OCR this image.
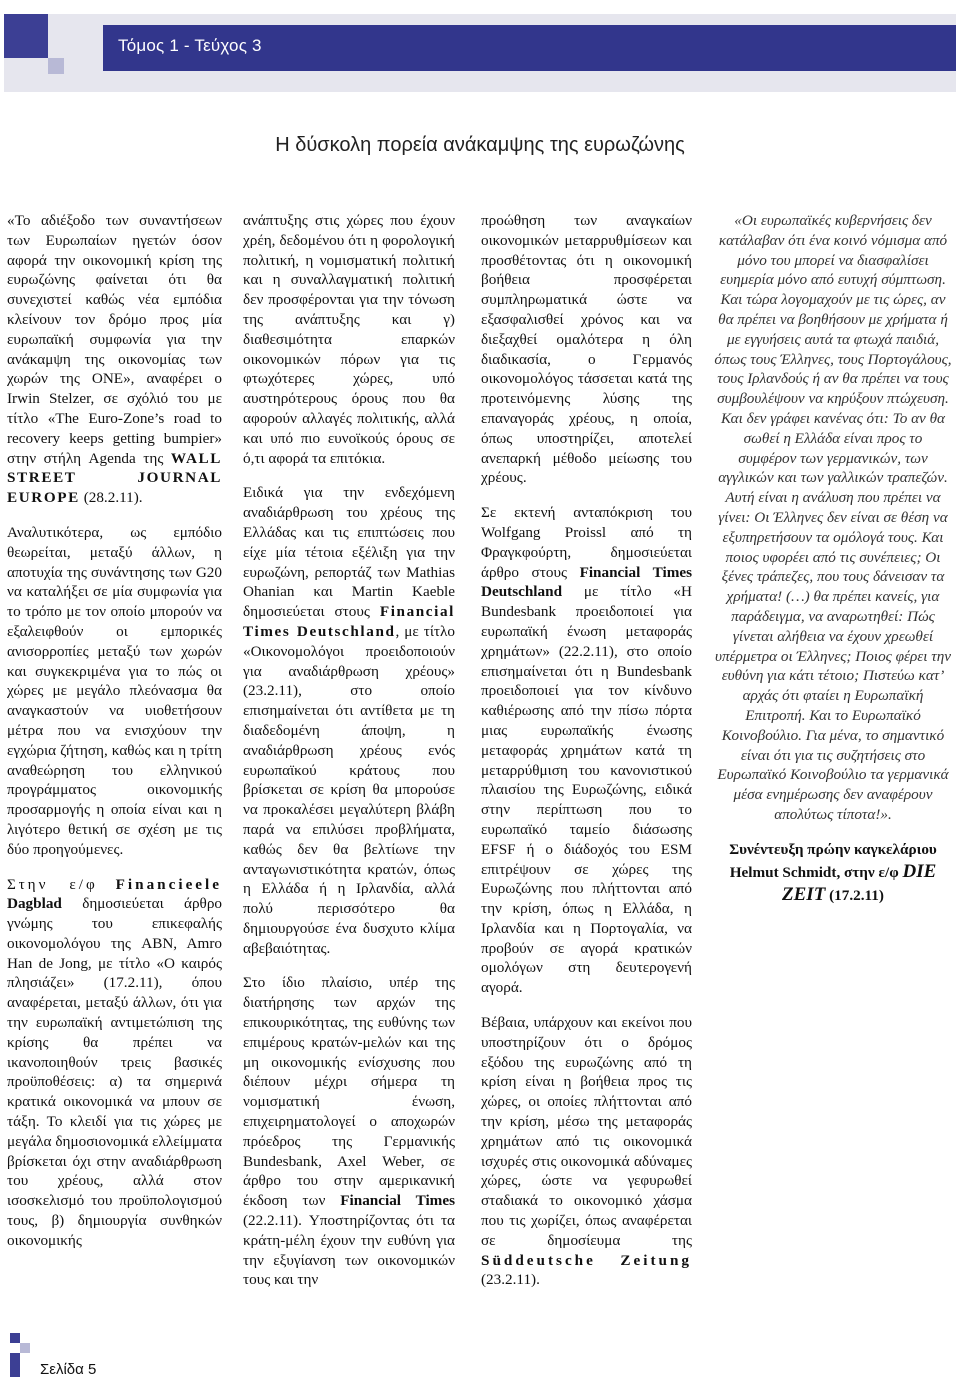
Τόμος 1 - Τεύχος 3
Η δύσκολη πορεία ανάκαμψης της ευρωζώνης

«Το αδιέξοδο των συναντήσεων των Ευρωπαίων ηγετών όσον αφορά την οικονομική κρίση της ευρωζώνης φαίνεται ότι θα συνεχιστεί καθώς νέα εμπόδια κλείνουν τον δρόμο προς μία ευρωπαϊκή συμφωνία για την ανάκαμψη της οικονομίας των χωρών της ΟΝΕ», αναφέρει ο Irwin Stelzer, σε σχόλιό του με τίτλο «The Euro-Zone’s road to recovery keeps getting bumpier» στην στήλη Agenda της WALL STREET JOURNAL EUROPE (28.2.11).

Αναλυτικότερα, ως εμπόδιο θεωρείται, μεταξύ άλλων, η αποτυχία της συνάντησης των G20 να καταλήξει σε μία συμφωνία για το τρόπο με τον οποίο μπορούν να εξαλειφθούν οι εμπορικές ανισορροπίες μεταξύ των χωρών και συγκεκριμένα για το πώς οι χώρες με μεγάλο πλεόνασμα θα αναγκαστούν να υιοθετήσουν μέτρα που να ενισχύουν την εγχώρια ζήτηση, καθώς και η τρίτη αναθεώρηση του ελληνικού προγράμματος οικονομικής προσαρμογής η οποία είναι και η λιγότερο θετική σε σχέση με τις δύο προηγούμενες.

Στην ε/φ Financieele Dagblad δημοσιεύεται άρθρο γνώμης του επικεφαλής οικονομολόγου της ABN, Amro Han de Jong, με τίτλο «Ο καιρός πλησιάζει» (17.2.11), όπου αναφέρεται, μεταξύ άλλων, ότι για την ευρωπαϊκή αντιμετώπιση της κρίσης θα πρέπει να ικανοποιηθούν τρεις βασικές προϋποθέσεις: α) τα σημερινά κρατικά οικονομικά να μπουν σε τάξη. Το κλειδί για τις χώρες με μεγάλα δημοσιονομικά ελλείμματα βρίσκεται όχι στην αναδιάρθρωση του χρέους, αλλά στον ισοσκελισμό του προϋπολογισμού τους, β) δημιουργία συνθηκών οικονομικής

ανάπτυξης στις χώρες που έχουν χρέη, δεδομένου ότι η φορολογική πολιτική, η νομισματική πολιτική και η συναλλαγματική πολιτική δεν προσφέρονται για την τόνωση της ανάπτυξης και γ) διαθεσιμότητα επαρκών οικονομικών πόρων για τις φτωχότερες χώρες, υπό αυστηρότερους όρους που θα αφορούν αλλαγές πολιτικής, αλλά και υπό πιο ευνοϊκούς όρους σε ό,τι αφορά τα επιτόκια.

Ειδικά για την ενδεχόμενη αναδιάρθρωση του χρέους της Ελλάδας και τις επιπτώσεις που είχε μία τέτοια εξέλιξη για την ευρωζώνη, ρεπορτάζ των Mathias Ohanian και Martin Kaeble δημοσιεύεται στους Financial Times Deutschland, με τίτλο «Οικονομολόγοι προειδοποιούν για αναδιάρθρωση χρέους» (23.2.11), στο οποίο επισημαίνεται ότι αντίθετα με τη διαδεδομένη άποψη, η αναδιάρθρωση χρέους ενός ευρωπαϊκού κράτους που βρίσκεται σε κρίση θα μπορούσε να προκαλέσει μεγαλύτερη βλάβη παρά να επιλύσει προβλήματα, καθώς δεν θα βελτίωνε την ανταγωνιστικότητα κρατών, όπως η Ελλάδα ή η Ιρλανδία, αλλά πολύ περισσότερο θα δημιουργούσε ένα δυσχυτο κλίμα αβεβαιότητας.

Στο ίδιο πλαίσιο, υπέρ της διατήρησης των αρχών της επικουρικότητας, της ευθύνης των επιμέρους κρατών-μελών και της μη οικονομικής ενίσχυσης που διέπουν μέχρι σήμερα τη νομισματική ένωση, επιχειρηματολογεί ο αποχωρών πρόεδρος της Γερμανικής Bundesbank, Axel Weber, σε άρθρο του στην αμερικανική έκδοση των Financial Times (22.2.11). Υποστηρίζοντας ότι τα κράτη-μέλη έχουν την ευθύνη για την εξυγίανση των οικονομικών τους και την

προώθηση των αναγκαίων οικονομικών μεταρρυθμίσεων και προσθέτοντας ότι η οικονομική βοήθεια προσφέρεται συμπληρωματικά ώστε να εξασφαλισθεί χρόνος και να διεξαχθεί ομαλότερα η όλη διαδικασία, ο Γερμανός οικονομολόγος τάσσεται κατά της προτεινόμενης λύσης της επαναγοράς χρέους, η οποία, όπως υποστηρίζει, αποτελεί ανεπαρκή μέθοδο μείωσης του χρέους.

Σε εκτενή ανταπόκριση του Wolfgang Proissl από τη Φραγκφούρτη, δημοσιεύεται άρθρο στους Financial Times Deutschland με τίτλο «Η Bundesbank προειδοποιεί για ευρωπαϊκή ένωση μεταφοράς χρημάτων» (22.2.11), στο οποίο επισημαίνεται ότι η Bundesbank προειδοποιεί για τον κίνδυνο καθιέρωσης από την πίσω πόρτα μιας ευρωπαϊκής ένωσης μεταφοράς χρημάτων κατά τη μεταρρύθμιση του κανονιστικού πλαισίου της Ευρωζώνης, ειδικά στην περίπτωση που το ευρωπαϊκό ταμείο διάσωσης EFSF ή ο διάδοχός του ESM επιτρέψουν σε χώρες της Ευρωζώνης που πλήττονται από την κρίση, όπως η Ελλάδα, η Ιρλανδία και η Πορτογαλία, να προβούν σε αγορά κρατικών ομολόγων στη δευτερογενή αγορά.

Βέβαια, υπάρχουν και εκείνοι που υποστηρίζουν ότι ο δρόμος εξόδου της ευρωζώνης από τη κρίση είναι η βοήθεια προς τις χώρες, οι οποίες πλήττονται από την κρίση, μέσω της μεταφοράς χρημάτων από τις οικονομικά ισχυρές στις οικονομικά αδύναμες χώρες, ώστε να γεφυρωθεί σταδιακά το οικονομικό χάσμα που τις χωρίζει, όπως αναφέρεται σε δημοσίευμα της Süddeutsche Zeitung (23.2.11).

«Οι ευρωπαϊκές κυβερνήσεις δεν κατάλαβαν ότι ένα κοινό νόμισμα από μόνο του μπορεί να διασφαλίσει ευημερία μόνο από ευτυχή σύμπτωση. Και τώρα λογομαχούν με τις ώρες, αν θα πρέπει να βοηθήσουν με χρήματα ή με εγγυήσεις αυτά τα φτωχά παιδιά, όπως τους Έλληνες, τους Πορτογάλους, τους Ιρλανδούς ή αν θα πρέπει να τους συμβουλέψουν να κηρύξουν πτώχευση. Και δεν γράφει κανένας ότι: Το αν θα σωθεί η Ελλάδα είναι προς το συμφέρον των γερμανικών, των αγγλικών και των γαλλικών τραπεζών. Αυτή είναι η ανάλυση που πρέπει να γίνει: Οι Έλληνες δεν είναι σε θέση να εξυπηρετήσουν τα ομόλογά τους. Και ποιος υφορέει από τις συνέπειες; Οι ξένες τράπεζες, που τους δάνεισαν τα χρήματα! (…) θα πρέπει κανείς, για παράδειγμα, να αναρωτηθεί: Πώς γίνεται αλήθεια να έχουν χρεωθεί υπέρμετρα οι Έλληνες; Ποιος φέρει την ευθύνη για κάτι τέτοιο; Πιστεύω κατ’ αρχάς ότι φταίει η Ευρωπαϊκή Επιτροπή. Και το Ευρωπαϊκό Κοινοβούλιο. Για μένα, το σημαντικό είναι ότι για τις συζητήσεις στο Ευρωπαϊκό Κοινοβούλιο τα γερμανικά μέσα ενημέρωσης δεν αναφέρουν απολύτως τίποτα!».

Συνέντευξη πρώην καγκελάριου Helmut Schmidt, στην ε/φ DIE ZEIT (17.2.11)

Σελίδα 5
